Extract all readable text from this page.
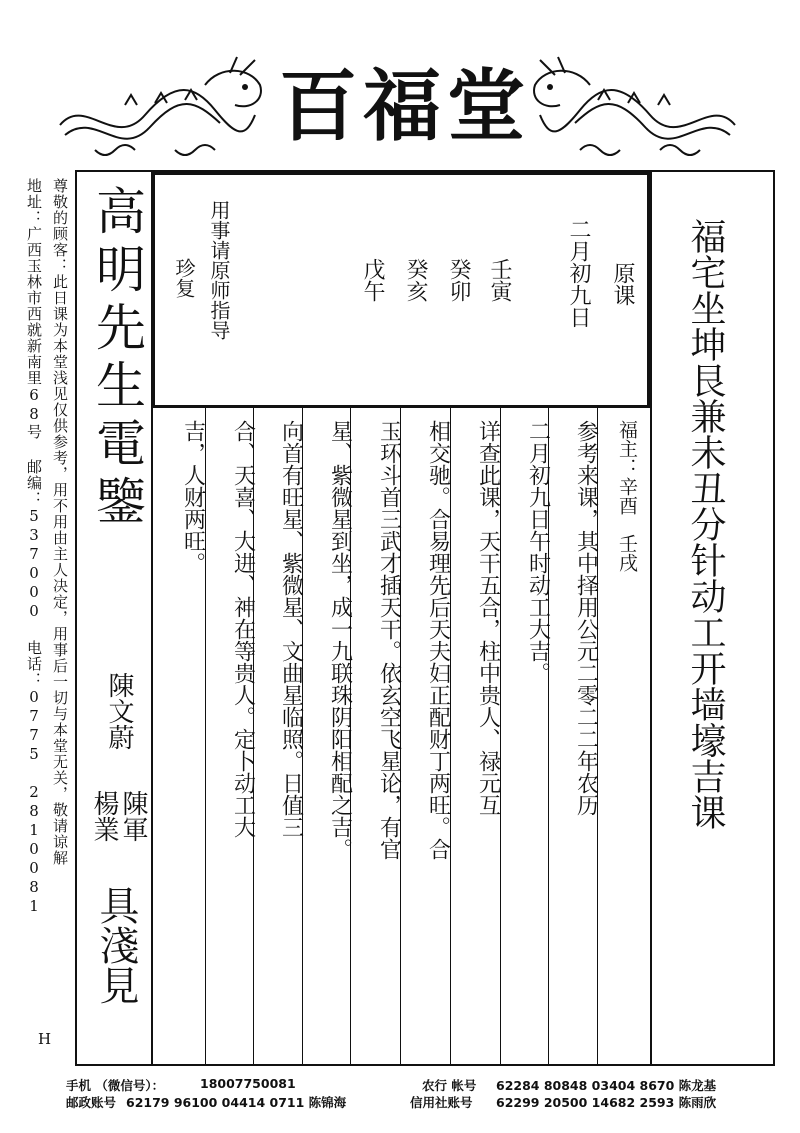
百福堂
尊敬的顾客：此日课为本堂浅见仅供参考，用不用由主人决定，用事后一切与本堂无关，敬请谅解
地址：广西玉林市西就新南里68号 邮编：537000 电话：0775 2810081
H
高明先生電鑒
陳文蔚
陳軍
楊業
具淺見
原课
二月初九日
壬寅
癸卯
癸亥
戊午
用事请原师指导
珍复	福宅坐坤艮兼未丑分针动工开墙壕吉课
福主：辛酉　壬戌
参考来课，其中择用公元二零二二年农历
二月初九日午时动工大吉。
详查此课，天干五合，柱中贵人、禄元互
相交驰。合易理先后天夫妇正配财丁两旺。合
玉环斗首三武才插天干。依玄空飞星论，有官
星、紫微星到坐，成一九联珠阴阳相配之吉。
向首有旺星、紫微星、文曲星临照。日值三
合、天喜、大进、神在等贵人。定卜动工大
吉，人财两旺。
手机 （微信号）：	18007750081
邮政账号 62179 96100 04414 0711 陈锦海
农行 帐号 62284 80848 03404 8670 陈龙基
信用社账号 62299 20500 14682 2593 陈雨欣
